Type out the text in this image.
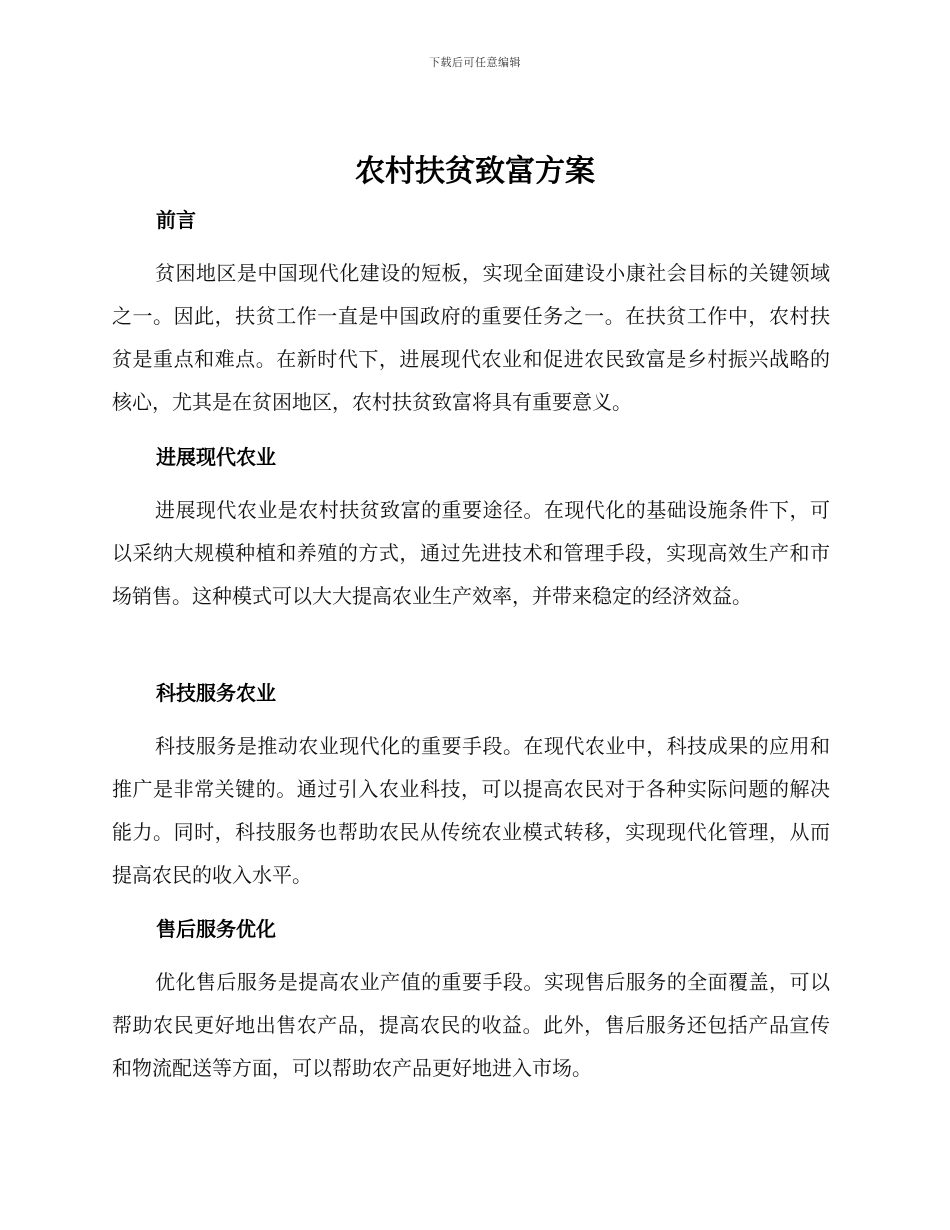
下载后可任意编辑
农村扶贫致富方案
前言

贫困地区是中国现代化建设的短板，实现全面建设小康社会目标的关键领域之一。因此，扶贫工作一直是中国政府的重要任务之一。在扶贫工作中，农村扶贫是重点和难点。在新时代下，进展现代农业和促进农民致富是乡村振兴战略的核心，尤其是在贫困地区，农村扶贫致富将具有重要意义。

进展现代农业

进展现代农业是农村扶贫致富的重要途径。在现代化的基础设施条件下，可以采纳大规模种植和养殖的方式，通过先进技术和管理手段，实现高效生产和市场销售。这种模式可以大大提高农业生产效率，并带来稳定的经济效益。

科技服务农业

科技服务是推动农业现代化的重要手段。在现代农业中，科技成果的应用和推广是非常关键的。通过引入农业科技，可以提高农民对于各种实际问题的解决能力。同时，科技服务也帮助农民从传统农业模式转移，实现现代化管理，从而提高农民的收入水平。

售后服务优化

优化售后服务是提高农业产值的重要手段。实现售后服务的全面覆盖，可以帮助农民更好地出售农产品，提高农民的收益。此外，售后服务还包括产品宣传和物流配送等方面，可以帮助农产品更好地进入市场。
